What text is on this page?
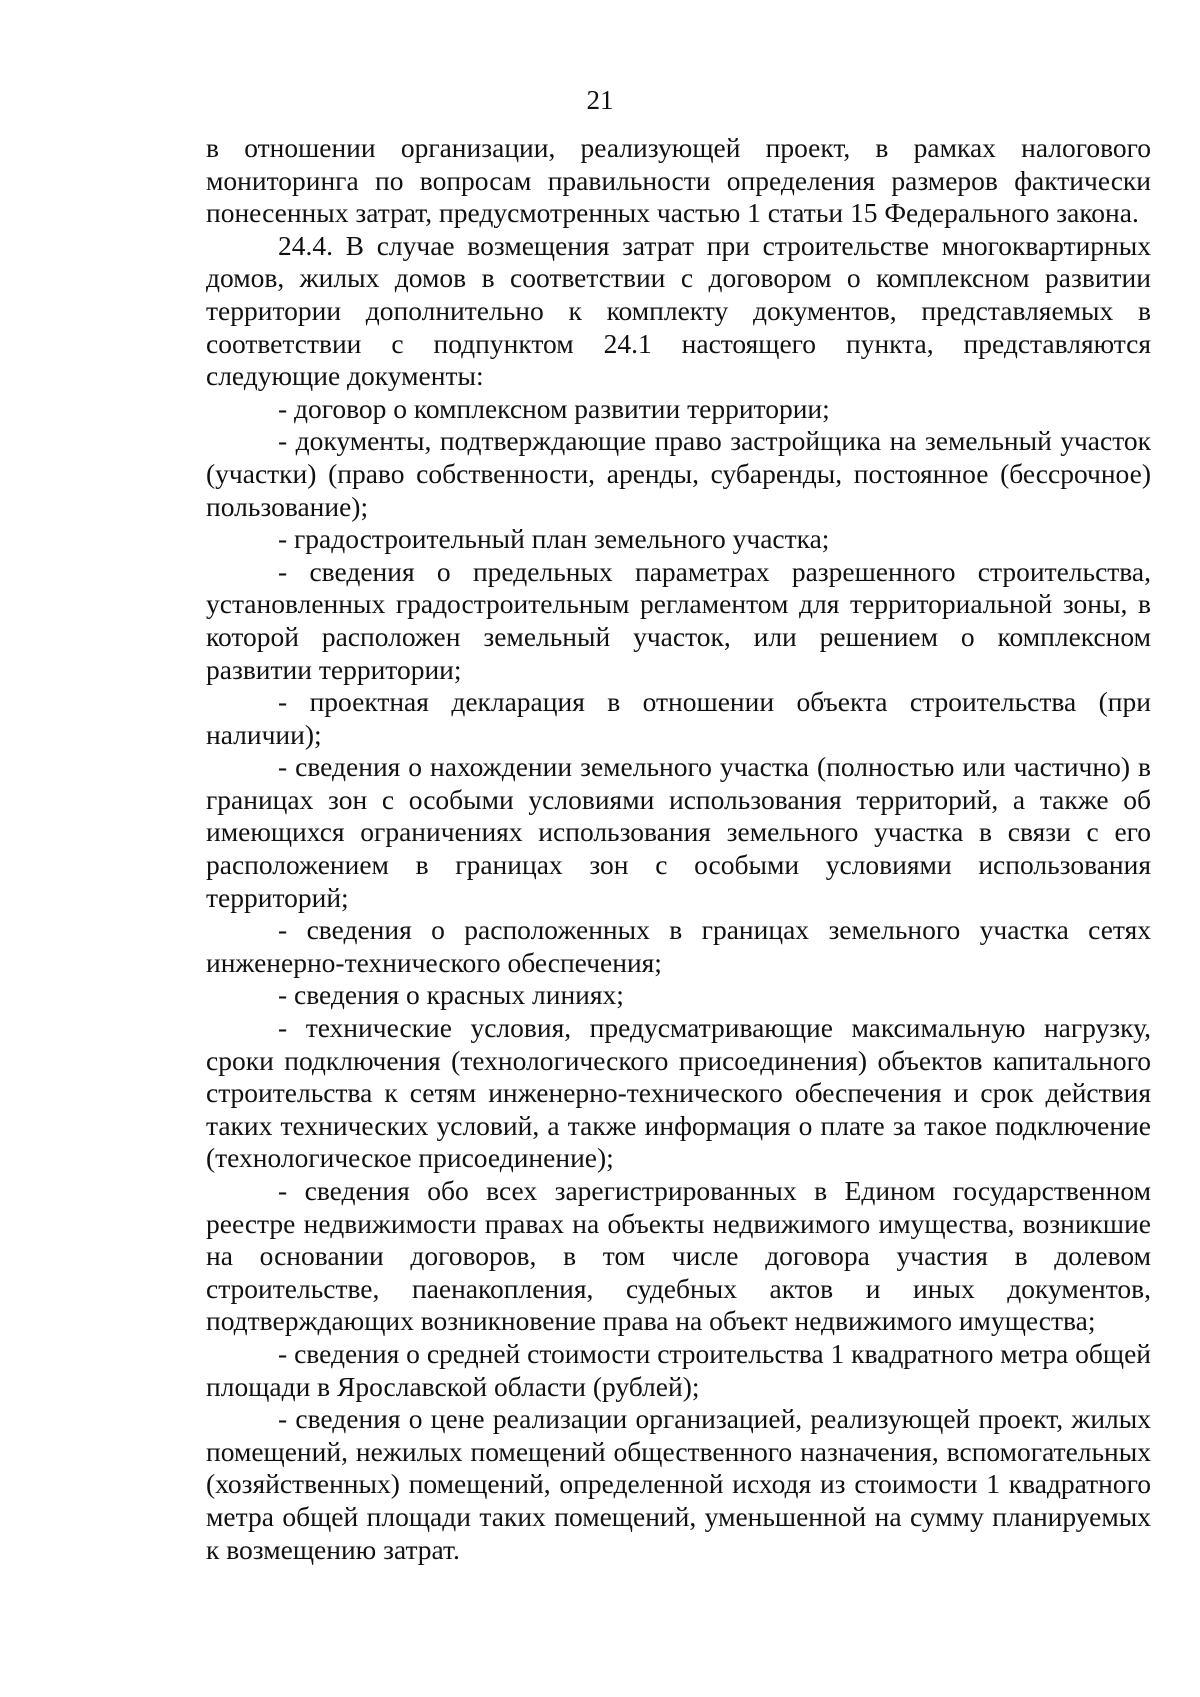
21

в отношении организации, реализующей проект, в рамках налогового мониторинга по вопросам правильности определения размеров фактически понесенных затрат, предусмотренных частью 1 статьи 15 Федерального закона.

24.4. В случае возмещения затрат при строительстве многоквартирных домов, жилых домов в соответствии с договором о комплексном развитии территории дополнительно к комплекту документов, представляемых в соответствии с подпунктом 24.1 настоящего пункта, представляются следующие документы:

- договор о комплексном развитии территории;

- документы, подтверждающие право застройщика на земельный участок (участки) (право собственности, аренды, субаренды, постоянное (бессрочное) пользование);

- градостроительный план земельного участка;

- сведения о предельных параметрах разрешенного строительства, установленных градостроительным регламентом для территориальной зоны, в которой расположен земельный участок, или решением о комплексном развитии территории;

- проектная декларация в отношении объекта строительства (при наличии);

- сведения о нахождении земельного участка (полностью или частично) в границах зон с особыми условиями использования территорий, а также об имеющихся ограничениях использования земельного участка в связи с его расположением в границах зон с особыми условиями использования территорий;

- сведения о расположенных в границах земельного участка сетях инженерно-технического обеспечения;

- сведения о красных линиях;

- технические условия, предусматривающие максимальную нагрузку, сроки подключения (технологического присоединения) объектов капитального строительства к сетям инженерно-технического обеспечения и срок действия таких технических условий, а также информация о плате за такое подключение (технологическое присоединение);

- сведения обо всех зарегистрированных в Едином государственном реестре недвижимости правах на объекты недвижимого имущества, возникшие на основании договоров, в том числе договора участия в долевом строительстве, паенакопления, судебных актов и иных документов, подтверждающих возникновение права на объект недвижимого имущества;

- сведения о средней стоимости строительства 1 квадратного метра общей площади в Ярославской области (рублей);

- сведения о цене реализации организацией, реализующей проект, жилых помещений, нежилых помещений общественного назначения, вспомогательных (хозяйственных) помещений, определенной исходя из стоимости 1 квадратного метра общей площади таких помещений, уменьшенной на сумму планируемых к возмещению затрат.
